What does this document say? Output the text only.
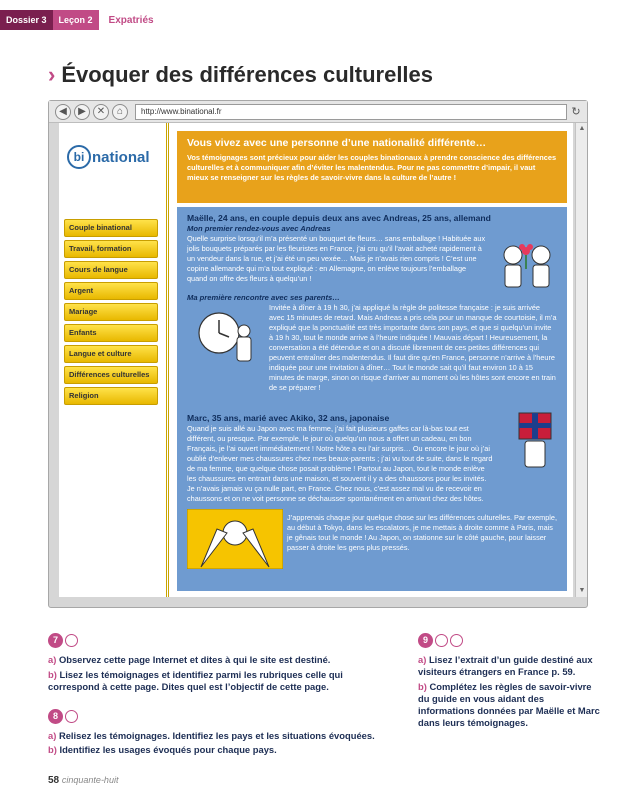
Dossier 3	Leçon 2	Expatriés
› Évoquer des différences culturelles
◀	▶	✕	⌂	http://www.binational.fr	↻
▲
▼
bi national
Couple binational
Travail, formation
Cours de langue
Argent
Mariage
Enfants
Langue et culture
Différences culturelles
Religion
Vous vivez avec une personne d’une nationalité différente…
Vos témoignages sont précieux pour aider les couples binationaux à prendre conscience des différences culturelles et à communiquer afin d’éviter les malentendus. Pour ne pas commettre d’impair, il vaut mieux se renseigner sur les règles de savoir-vivre dans la culture de l’autre !
Maëlle, 24 ans, en couple depuis deux ans avec Andreas, 25 ans, allemand
Mon premier rendez-vous avec Andreas
Quelle surprise lorsqu’il m’a présenté un bouquet de fleurs… sans emballage ! Habituée aux jolis bouquets préparés par les fleuristes en France, j’ai cru qu’il l’avait acheté rapidement à un vendeur dans la rue, et j’ai été un peu vexée… Mais je n’avais rien compris ! C’est une copine allemande qui m’a tout expliqué : en Allemagne, on enlève toujours l’emballage quand on offre des fleurs à quelqu’un !
Ma première rencontre avec ses parents…
Invitée à dîner à 19 h 30, j’ai appliqué la règle de politesse française : je suis arrivée avec 15 minutes de retard. Mais Andreas a pris cela pour un manque de courtoisie, il m’a expliqué que la ponctualité est très importante dans son pays, et que si quelqu’un invite à 19 h 30, tout le monde arrive à l’heure indiquée ! Mauvais départ ! Heureusement, la conversation a été détendue et on a discuté librement de ces petites différences qui peuvent entraîner des malentendus. Il faut dire qu’en France, personne n’arrive à l’heure indiquée pour une invitation à dîner… Tout le monde sait qu’il faut environ 10 à 15 minutes de marge, sinon on risque d’arriver au moment où les hôtes sont encore en train de se préparer !
Marc, 35 ans, marié avec Akiko, 32 ans, japonaise
Quand je suis allé au Japon avec ma femme, j’ai fait plusieurs gaffes car là-bas tout est différent, ou presque. Par exemple, le jour où quelqu’un nous a offert un cadeau, en bon Français, je l’ai ouvert immédiatement ! Notre hôte a eu l’air surpris… Ou encore le jour où j’ai oublié d’enlever mes chaussures chez mes beaux-parents ; j’ai vu tout de suite, dans le regard de ma femme, que quelque chose posait problème ! Partout au Japon, tout le monde enlève les chaussures en entrant dans une maison, et souvent il y a des chaussons pour les invités. Je n’avais jamais vu ça nulle part, en France. Chez nous, c’est assez mal vu de recevoir en chaussons et on ne voit personne se déchausser spontanément en arrivant chez des hôtes.
J’apprenais chaque jour quelque chose sur les différences culturelles. Par exemple, au début à Tokyo, dans les escalators, je me mettais à droite comme à Paris, mais je gênais tout le monde ! Au Japon, on stationne sur le côté gauche, pour laisser passer à droite les gens plus pressés.
7
a) Observez cette page Internet et dites à qui le site est destiné.
b) Lisez les témoignages et identifiez parmi les rubriques celle qui correspond à cette page. Dites quel est l’objectif de cette page.
8
a) Relisez les témoignages. Identifiez les pays et les situations évoquées.
b) Identifiez les usages évoqués pour chaque pays.
9
a) Lisez l’extrait d’un guide destiné aux visiteurs étrangers en France p. 59.
b) Complétez les règles de savoir-vivre du guide en vous aidant des informations données par Maëlle et Marc dans leurs témoignages.
58 cinquante-huit
